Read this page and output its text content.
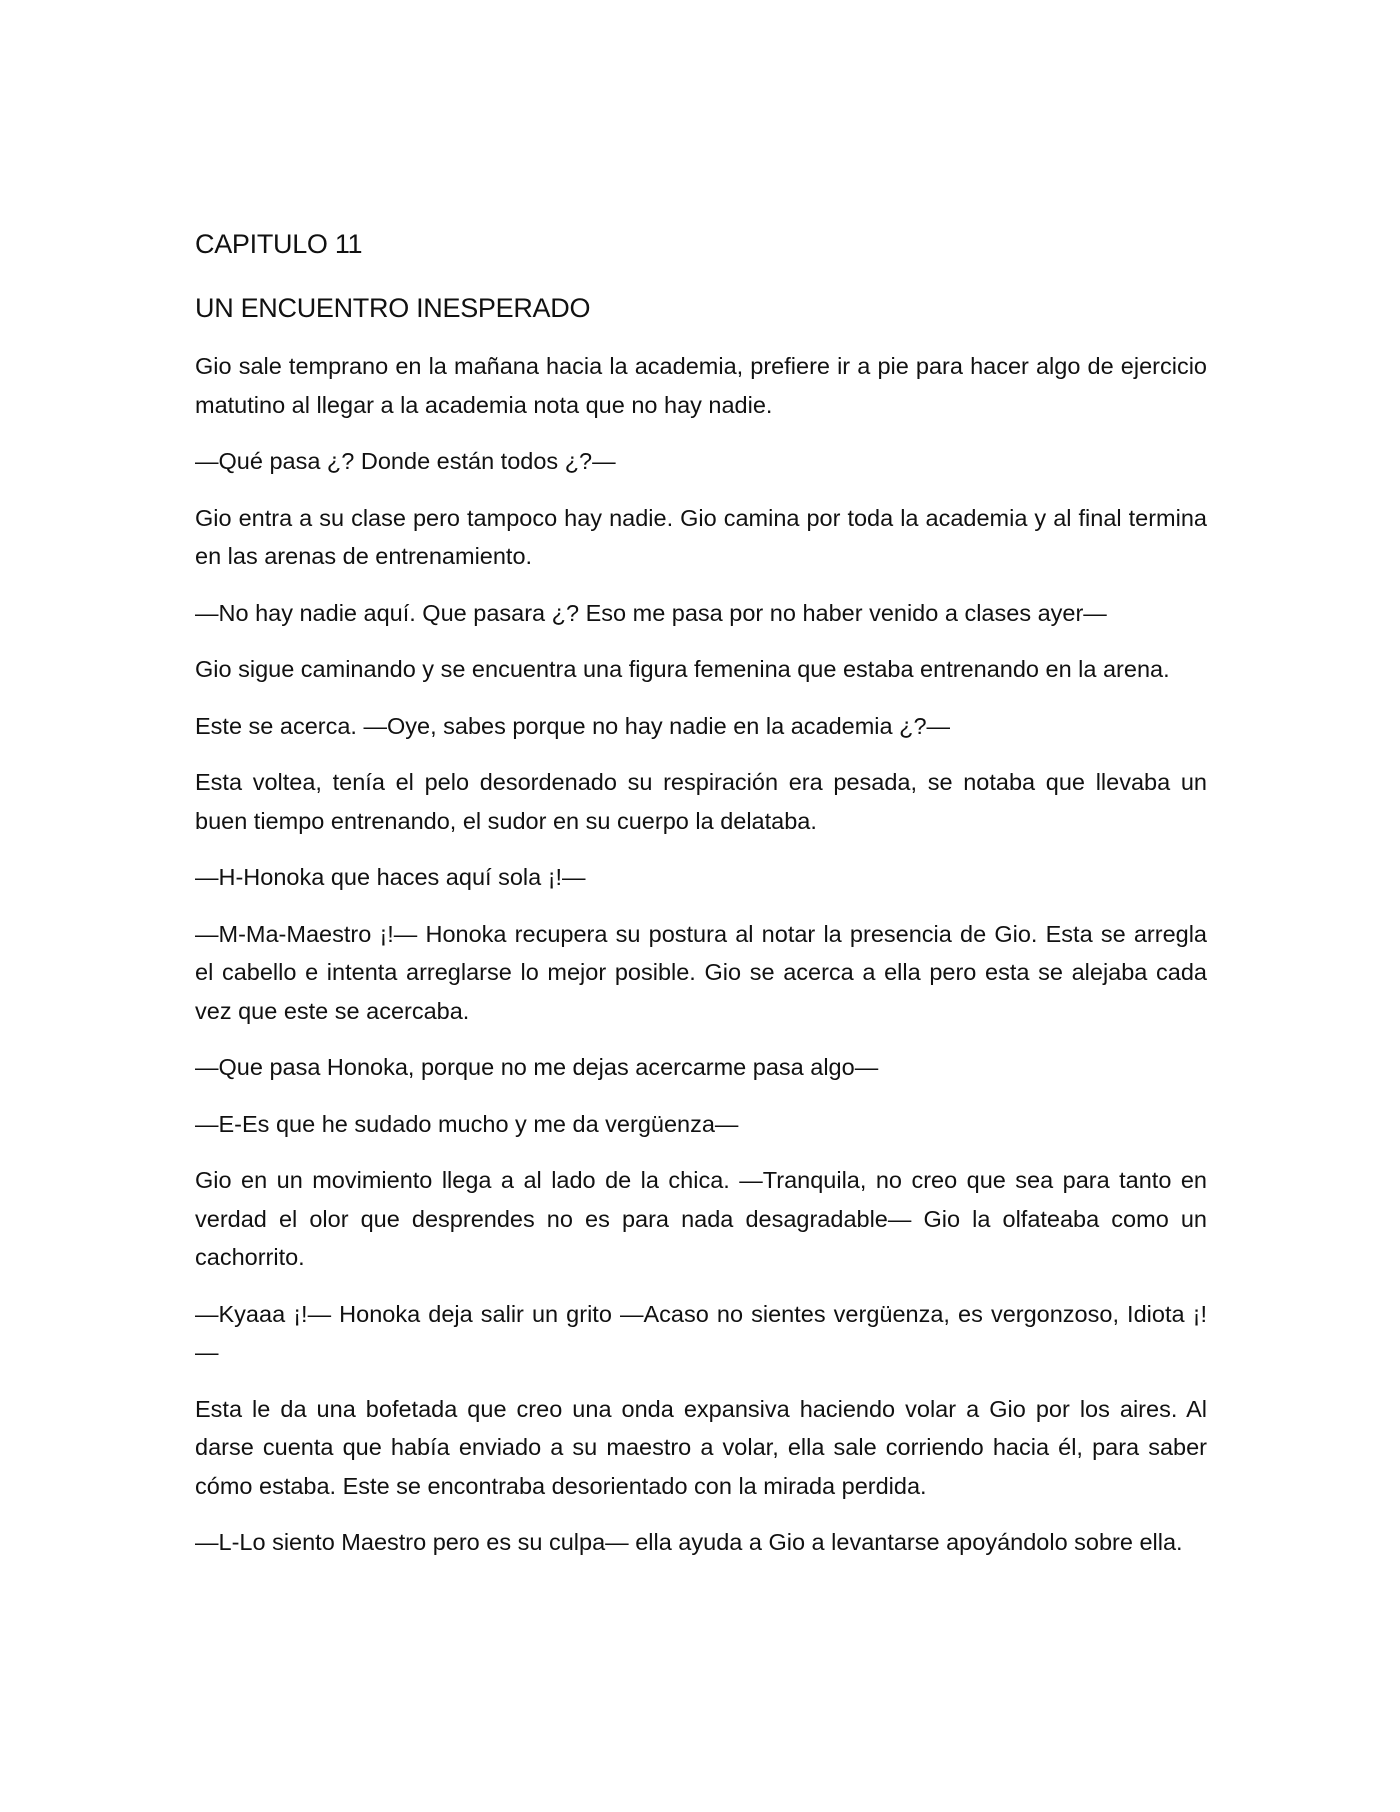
CAPITULO 11
UN ENCUENTRO INESPERADO

Gio sale temprano en la mañana hacia la academia, prefiere ir a pie para hacer algo de ejercicio matutino al llegar a la academia nota que no hay nadie.

—Qué pasa ¿? Donde están todos ¿?—

Gio entra a su clase pero tampoco hay nadie. Gio camina por toda la academia y al final termina en las arenas de entrenamiento.

—No hay nadie aquí. Que pasara ¿? Eso me pasa por no haber venido a clases ayer—

Gio sigue caminando y se encuentra una figura femenina que estaba entrenando en la arena.

Este se acerca. —Oye, sabes porque no hay nadie en la academia ¿?—

Esta voltea, tenía el pelo desordenado su respiración era pesada, se notaba que llevaba un buen tiempo entrenando, el sudor en su cuerpo la delataba.

—H-Honoka que haces aquí sola ¡!—

—M-Ma-Maestro ¡!— Honoka recupera su postura al notar la presencia de Gio. Esta se arregla el cabello e intenta arreglarse lo mejor posible. Gio se acerca a ella pero esta se alejaba cada vez que este se acercaba.

—Que pasa Honoka, porque no me dejas acercarme pasa algo—

—E-Es que he sudado mucho y me da vergüenza—

Gio en un movimiento llega a al lado de la chica. —Tranquila, no creo que sea para tanto en verdad el olor que desprendes no es para nada desagradable— Gio la olfateaba como un cachorrito.

—Kyaaa ¡!— Honoka deja salir un grito —Acaso no sientes vergüenza, es vergonzoso, Idiota ¡!—

Esta le da una bofetada que creo una onda expansiva haciendo volar a Gio por los aires. Al darse cuenta que había enviado a su maestro a volar, ella sale corriendo hacia él, para saber cómo estaba. Este se encontraba desorientado con la mirada perdida.

—L-Lo siento Maestro pero es su culpa— ella ayuda a Gio a levantarse apoyándolo sobre ella.
